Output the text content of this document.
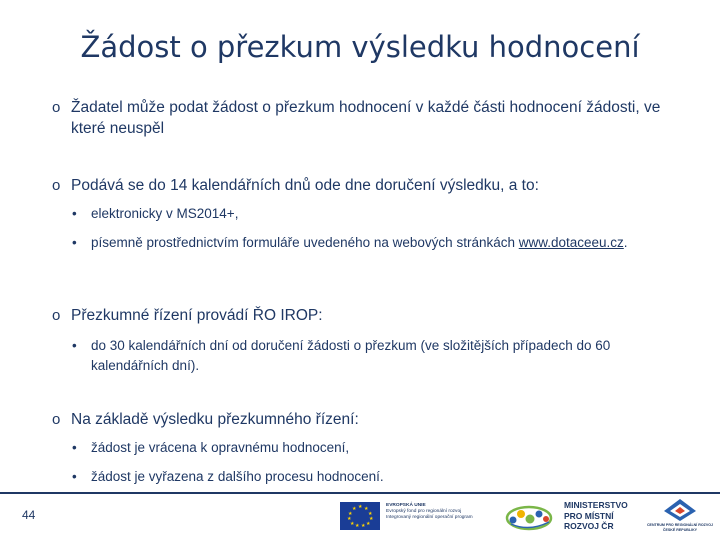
Žádost o přezkum výsledku hodnocení
o Žadatel může podat žádost o přezkum hodnocení v každé části hodnocení žádosti, ve které neuspěl
o Podává se do 14 kalendářních dnů ode dne doručení výsledku, a to:
• elektronicky v MS2014+,
• písemně prostřednictvím formuláře uvedeného na webových stránkách www.dotaceeu.cz.
o Přezkumné řízení provádí ŘO IROP:
• do 30 kalendářních dní od doručení žádosti o přezkum (ve složitějších případech do 60 kalendářních dní).
o Na základě výsledku přezkumného řízení:
• žádost je vrácena k opravnému hodnocení,
• žádost je vyřazena z dalšího procesu hodnocení.
44
★ ★
★
★
★
★
★
★
★
★
★
EVROPSKÁ UNIE
Evropský fond pro regionální rozvoj
Integrovaný regionální operační program
MINISTERSTVO
PRO MÍSTNÍ
ROZVOJ ČR	CENTRUM PRO REGIONÁLNÍ ROZVOJ
ČESKÉ REPUBLIKY
